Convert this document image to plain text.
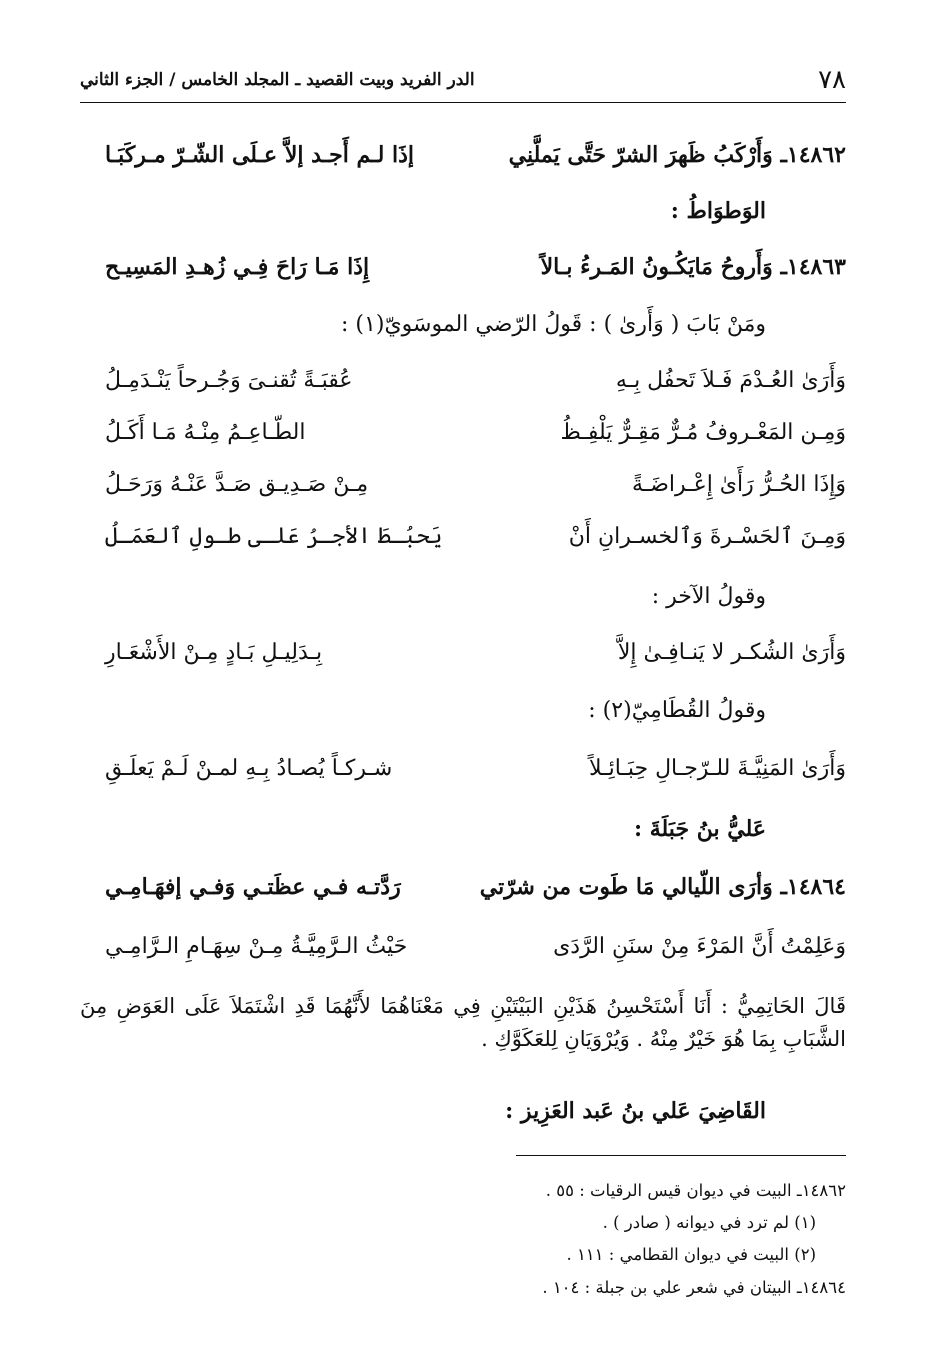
٧٨
الدر الفريد وبيت القصيد ـ المجلد الخامس / الجزء الثاني
١٤٨٦٢ـ وَأَرْكَبُ ظَهرَ الشرّ حَتَّى يَملَّنِي
إذَا لـم أَجـد إلاَّ عـلَى الشّـرّ مـركَبَـا
الوَطوَاطُ :
١٤٨٦٣ـ وَأَروحُ مَايَكُـونُ المَـرءُ بـالاً
إِذَا مَـا رَاحَ فِـي زُهـدِ المَسِيـح
ومَنْ بَابَ ( وَأَرىٰ ) : قَولُ الرّضي الموسَويّ(١) :
وَأَرَىٰ العُـدْمَ فَـلاَ تَحفُل بِـهِ
عُقبَـةً تُقنـىَ وَجُـرحاً يَنْـدَمِـلُ
وَمِـن المَعْـروفُ مُـرٌّ مَقِـرٌّ يَلْفِـظُ
الطّـاعِـمُ مِنْـهُ مَـا أَكَـلُ
وَإِذَا الحُـرُّ رَأَىٰ إِعْـراضَـةً
مِـنْ صَـدِيـق صَـدَّ عَنْـهُ وَرَحَـلُ
وَمِـنَ ٱلحَسْـرةَ وَٱلخسـرانِ أَنْ
يَحبُـطَ الأجـرُ عَلـى طـولِ ٱلعَمَـلُ
وقولُ الآخر :
وَأَرَىٰ الشُكـر لا يَنـافِـىٰ إِلاَّ
بِـدَلِيـلِ بَـادٍ مِـنْ الأَشْعَـارِ
وقولُ القُطَامِيّ(٢) :
وَأَرَىٰ المَنِيَّـةَ للـرّجـالِ حِبَـائِـلاً
شـركـاً يُصـادُ بِـهِ لمـنْ لَـمْ يَعلَـقِ
عَليُّ بنُ جَبَلَةَ :
١٤٨٦٤ـ وَأرَى اللّيالي مَا طَوت من شرّتي
رَدَّتـه فـي عظَتـي وَفـي إفهَـامِـي
وَعَلِمْتُ أَنَّ المَرْءَ مِنْ سنَنِ الرَّدَى
حَيْثُ الـرَّمِيَّـةُ مِـنْ سِهَـامِ الـرَّامِـي
قَالَ الحَاتِمِيُّ : أَنَا أَسْتَحْسِنُ هَذَيْنِ البَيْتَيْنِ فِي مَعْنَاهُمَا لأَنَّهُمَا قَدِ اشْتَمَلاَ عَلَى العَوَضِ مِنَ الشَّبَابِ بِمَا هُوَ خَيْرٌ مِنْهُ . وَيُرْوَيَانِ لِلعَكَوَّكِ .
القَاضِيَ عَلي بنُ عَبد العَزِيز :
١٤٨٦٢ـ البيت في ديوان قيس الرقيات : ٥٥ .
(١) لم ترد في ديوانه ( صادر ) .
(٢) البيت في ديوان القطامي : ١١١ .
١٤٨٦٤ـ البيتان في شعر علي بن جبلة : ١٠٤ .
